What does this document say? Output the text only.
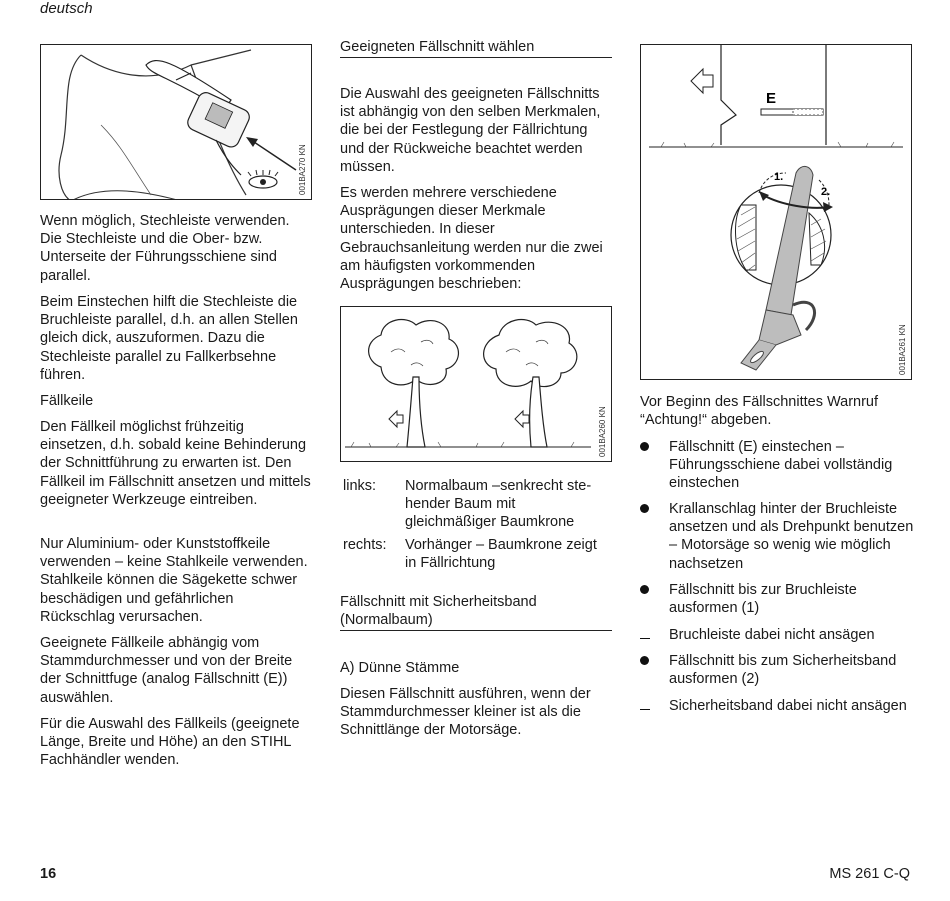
deutsch
001BA270 KN

Wenn möglich, Stechleiste verwenden. Die Stechleiste und die Ober- bzw. Unterseite der Führungsschiene sind parallel.

Beim Einstechen hilft die Stechleiste die Bruchleiste parallel, d.h. an allen Stellen gleich dick, auszuformen. Dazu die Stechleiste parallel zu Fallkerbsehne führen.

Fällkeile

Den Fällkeil möglichst frühzeitig einsetzen, d.h. sobald keine Behinderung der Schnittführung zu erwarten ist. Den Fällkeil im Fällschnitt ansetzen und mittels geeigneter Werkzeuge eintreiben.

Nur Aluminium- oder Kunststoffkeile verwenden – keine Stahlkeile verwenden. Stahlkeile können die Sägekette schwer beschädigen und gefährlichen Rückschlag verursachen.

Geeignete Fällkeile abhängig vom Stammdurchmesser und von der Breite der Schnittfuge (analog Fällschnitt (E)) auswählen.

Für die Auswahl des Fällkeils (geeignete Länge, Breite und Höhe) an den STIHL Fachhändler wenden.

Geeigneten Fällschnitt wählen

Die Auswahl des geeigneten Fällschnitts ist abhängig von den selben Merkmalen, die bei der Festlegung der Fällrichtung und der Rückweiche beachtet werden müssen.

Es werden mehrere verschiedene Ausprägungen dieser Merkmale unterschieden. In dieser Gebrauchsanleitung werden nur die zwei am häufigsten vorkommenden Ausprägungen beschrieben:

001BA260 KN
links: Normalbaum –senkrecht ste-hender Baum mit gleichmäßiger Baumkrone
rechts: Vorhänger – Baumkrone zeigt in Fällrichtung
Fällschnitt mit Sicherheitsband (Normalbaum)
A) Dünne Stämme

Diesen Fällschnitt ausführen, wenn der Stammdurchmesser kleiner ist als die Schnittlänge der Motorsäge.

E
1.
2.
001BA261 KN

Vor Beginn des Fällschnittes Warnruf “Achtung!“ abgeben.

Fällschnitt (E) einstechen – Führungsschiene dabei vollständig einstechen
Krallanschlag hinter der Bruchleiste ansetzen und als Drehpunkt benutzen – Motorsäge so wenig wie möglich nachsetzen
Fällschnitt bis zur Bruchleiste ausformen (1)
Bruchleiste dabei nicht ansägen
Fällschnitt bis zum Sicherheitsband ausformen (2)
Sicherheitsband dabei nicht ansägen
16	MS 261 C-Q
